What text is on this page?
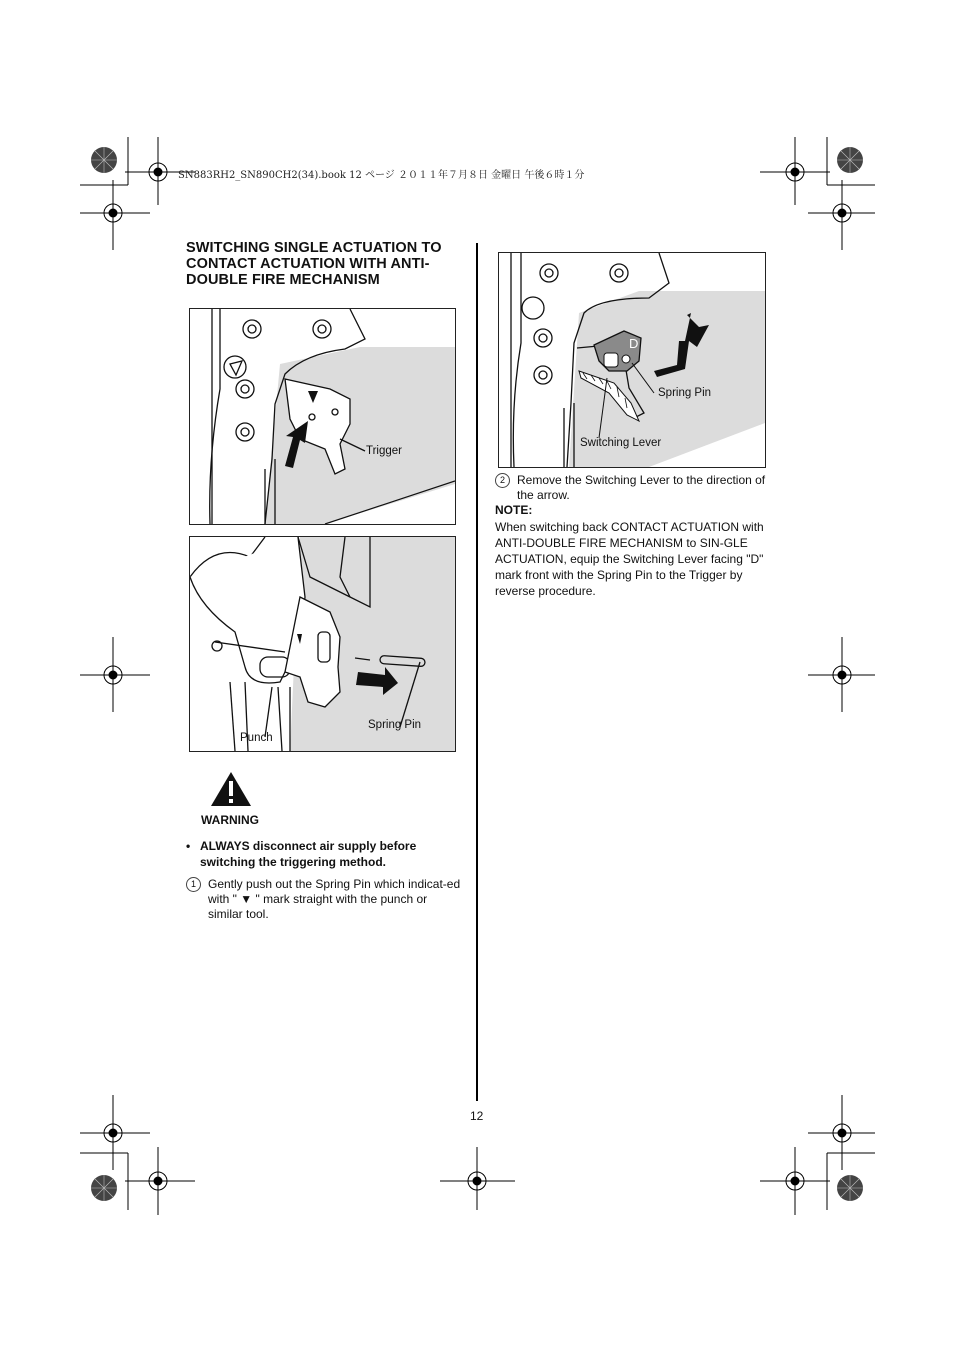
SN883RH2_SN890CH2(34).book 12 ページ ２０１１年７月８日 金曜日 午後６時１分
SWITCHING SINGLE ACTUATION TO CONTACT ACTUATION WITH ANTI-DOUBLE FIRE MECHANISM
Trigger
Punch
Spring Pin
D
Spring Pin
Switching Lever
WARNING
• ALWAYS disconnect air supply before switching the triggering method.
1	Gently push out the Spring Pin which indicat-ed with " ▼ " mark straight with the punch or similar tool.
2	Remove the Switching Lever to the direction of the arrow.
NOTE:
When switching back CONTACT ACTUATION with ANTI-DOUBLE FIRE MECHANISM to SIN-GLE ACTUATION, equip the Switching Lever facing "D" mark front with the Spring Pin to the Trigger by reverse procedure.
12
